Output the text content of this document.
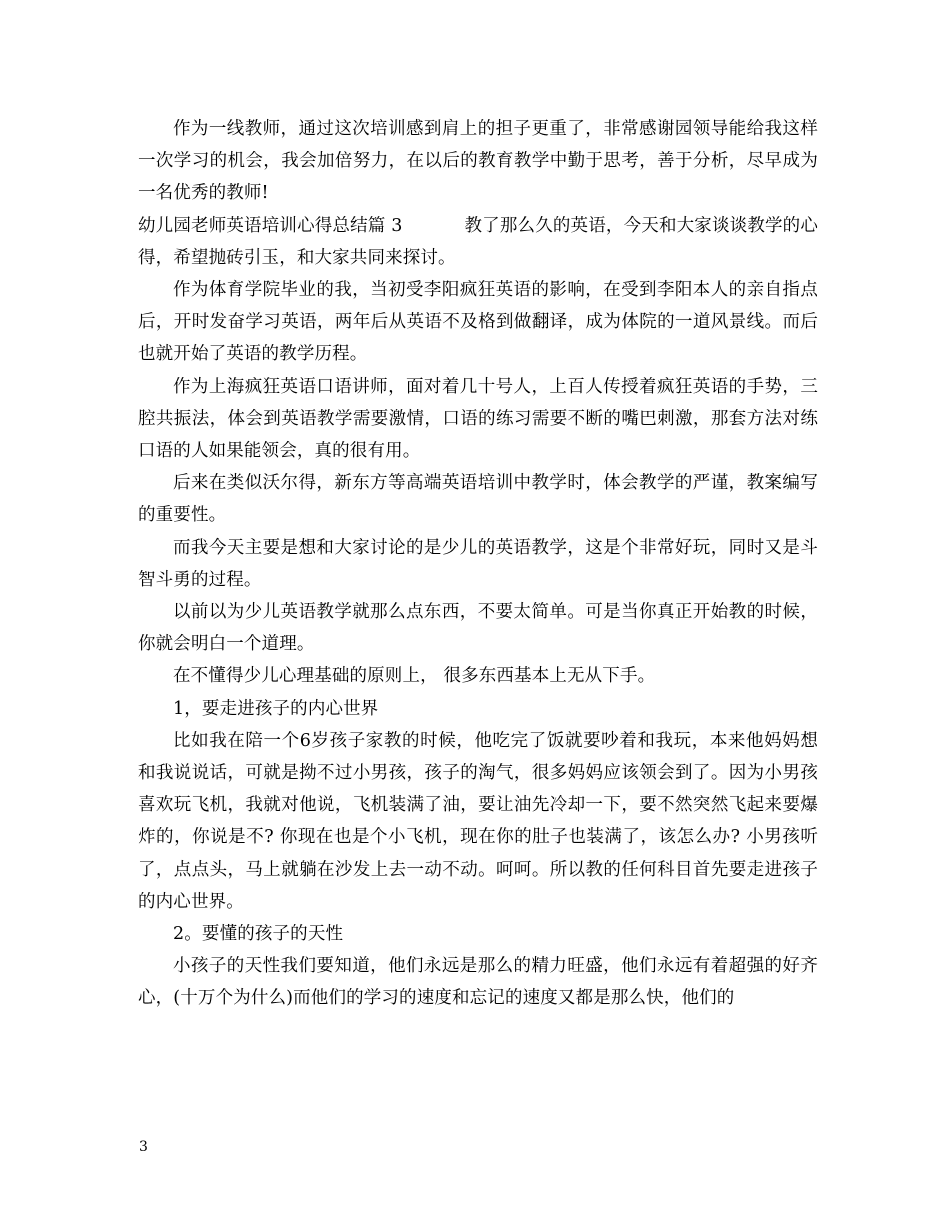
作为一线教师，通过这次培训感到肩上的担子更重了，非常感谢园领导能给我这样一次学习的机会，我会加倍努力，在以后的教育教学中勤于思考，善于分析，尽早成为一名优秀的教师!

幼儿园老师英语培训心得总结篇 3	教了那么久的英语，今天和大家谈谈教学的心得，希望抛砖引玉，和大家共同来探讨。

作为体育学院毕业的我，当初受李阳疯狂英语的影响，在受到李阳本人的亲自指点后，开时发奋学习英语，两年后从英语不及格到做翻译，成为体院的一道风景线。而后也就开始了英语的教学历程。

作为上海疯狂英语口语讲师，面对着几十号人，上百人传授着疯狂英语的手势，三腔共振法，体会到英语教学需要激情，口语的练习需要不断的嘴巴刺激，那套方法对练口语的人如果能领会，真的很有用。

后来在类似沃尔得，新东方等高端英语培训中教学时，体会教学的严谨，教案编写的重要性。

而我今天主要是想和大家讨论的是少儿的英语教学，这是个非常好玩，同时又是斗智斗勇的过程。

以前以为少儿英语教学就那么点东西，不要太简单。可是当你真正开始教的时候，你就会明白一个道理。

在不懂得少儿心理基础的原则上， 很多东西基本上无从下手。

1，要走进孩子的内心世界

比如我在陪一个6岁孩子家教的时候，他吃完了饭就要吵着和我玩，本来他妈妈想和我说说话，可就是拗不过小男孩，孩子的淘气，很多妈妈应该领会到了。因为小男孩喜欢玩飞机，我就对他说，飞机装满了油，要让油先冷却一下，要不然突然飞起来要爆炸的，你说是不? 你现在也是个小飞机，现在你的肚子也装满了，该怎么办? 小男孩听了，点点头，马上就躺在沙发上去一动不动。呵呵。所以教的任何科目首先要走进孩子的内心世界。

2。要懂的孩子的天性

小孩子的天性我们要知道，他们永远是那么的精力旺盛，他们永远有着超强的好齐心，(十万个为什么)而他们的学习的速度和忘记的速度又都是那么快，他们的

3
